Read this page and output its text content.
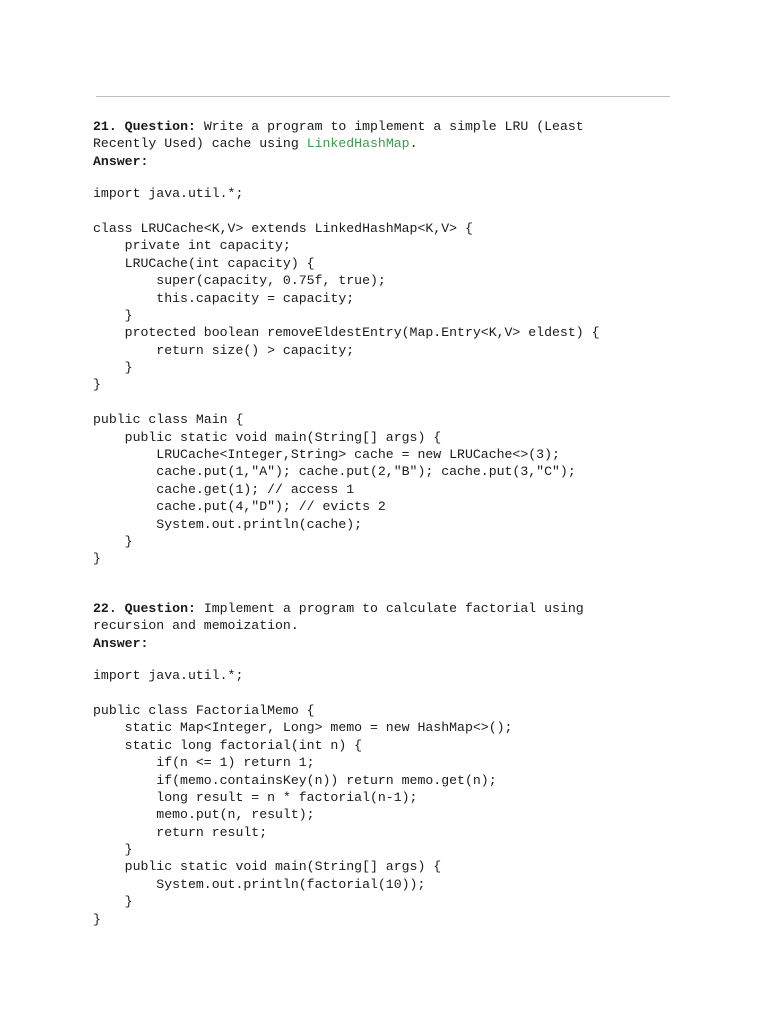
21. Question: Write a program to implement a simple LRU (Least
Recently Used) cache using LinkedHashMap.
Answer:
import java.util.*;
class LRUCache<K,V> extends LinkedHashMap<K,V> {
private int capacity;
LRUCache(int capacity) {
super(capacity, 0.75f, true);
this.capacity = capacity;
}
protected boolean removeEldestEntry(Map.Entry<K,V> eldest) {
return size() > capacity;
}
}
public class Main {
public static void main(String[] args) {
LRUCache<Integer,String> cache = new LRUCache<>(3);
cache.put(1,"A"); cache.put(2,"B"); cache.put(3,"C");
cache.get(1); // access 1
cache.put(4,"D"); // evicts 2
System.out.println(cache);
}
}
22. Question: Implement a program to calculate factorial using
recursion and memoization.
Answer:
import java.util.*;
public class FactorialMemo {
static Map<Integer, Long> memo = new HashMap<>();
static long factorial(int n) {
if(n <= 1) return 1;
if(memo.containsKey(n)) return memo.get(n);
long result = n * factorial(n-1);
memo.put(n, result);
return result;
}
public static void main(String[] args) {
System.out.println(factorial(10));
}
}
